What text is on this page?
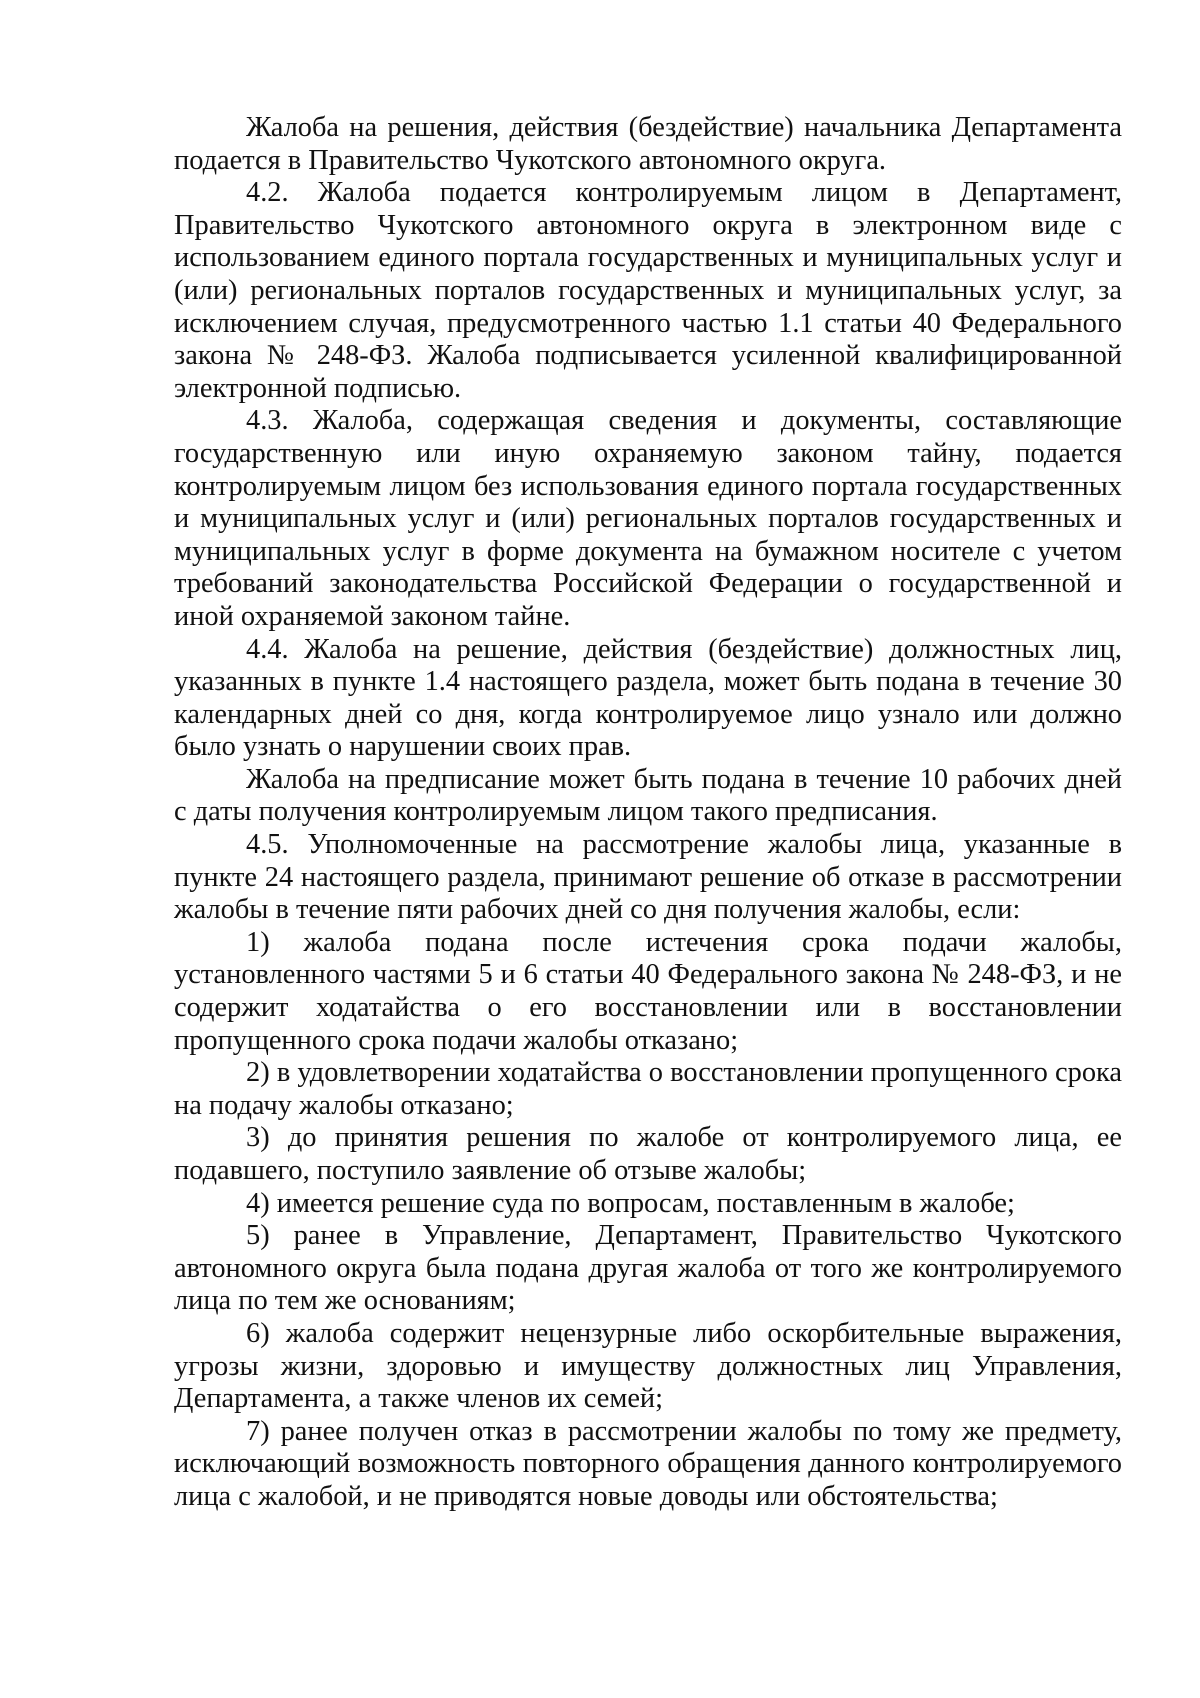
Жалоба на решения, действия (бездействие) начальника Департамента подается в Правительство Чукотского автономного округа.

4.2. Жалоба подается контролируемым лицом в Департамент, Правительство Чукотского автономного округа в электронном виде с использованием единого портала государственных и муниципальных услуг и (или) региональных порталов государственных и муниципальных услуг, за исключением случая, предусмотренного частью 1.1 статьи 40 Федерального закона № 248-ФЗ. Жалоба подписывается усиленной квалифицированной электронной подписью.

4.3. Жалоба, содержащая сведения и документы, составляющие государственную или иную охраняемую законом тайну, подается контролируемым лицом без использования единого портала государственных и муниципальных услуг и (или) региональных порталов государственных и муниципальных услуг в форме документа на бумажном носителе с учетом требований законодательства Российской Федерации о государственной и иной охраняемой законом тайне.

4.4. Жалоба на решение, действия (бездействие) должностных лиц, указанных в пункте 1.4 настоящего раздела, может быть подана в течение 30 календарных дней со дня, когда контролируемое лицо узнало или должно было узнать о нарушении своих прав.

Жалоба на предписание может быть подана в течение 10 рабочих дней с даты получения контролируемым лицом такого предписания.

4.5. Уполномоченные на рассмотрение жалобы лица, указанные в пункте 24 настоящего раздела, принимают решение об отказе в рассмотрении жалобы в течение пяти рабочих дней со дня получения жалобы, если:

1) жалоба подана после истечения срока подачи жалобы, установленного частями 5 и 6 статьи 40 Федерального закона № 248-ФЗ, и не содержит ходатайства о его восстановлении или в восстановлении пропущенного срока подачи жалобы отказано;

2) в удовлетворении ходатайства о восстановлении пропущенного срока на подачу жалобы отказано;

3) до принятия решения по жалобе от контролируемого лица, ее подавшего, поступило заявление об отзыве жалобы;

4) имеется решение суда по вопросам, поставленным в жалобе;

5) ранее в Управление, Департамент, Правительство Чукотского автономного округа была подана другая жалоба от того же контролируемого лица по тем же основаниям;

6) жалоба содержит нецензурные либо оскорбительные выражения, угрозы жизни, здоровью и имуществу должностных лиц Управления, Департамента, а также членов их семей;

7) ранее получен отказ в рассмотрении жалобы по тому же предмету, исключающий возможность повторного обращения данного контролируемого лица с жалобой, и не приводятся новые доводы или обстоятельства;
